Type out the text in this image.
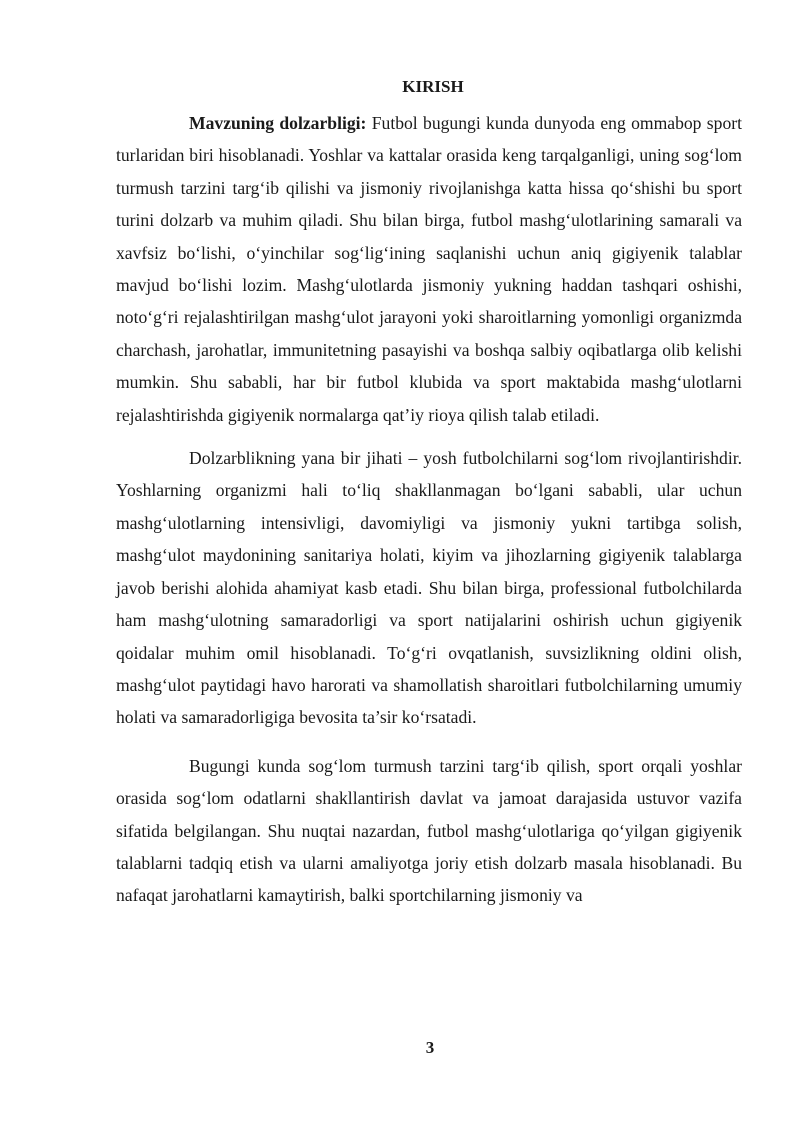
KIRISH

Mavzuning dolzarbligi: Futbol bugungi kunda dunyoda eng ommabop sport turlaridan biri hisoblanadi. Yoshlar va kattalar orasida keng tarqalganligi, uning sog‘lom turmush tarzini targ‘ib qilishi va jismoniy rivojlanishga katta hissa qo‘shishi bu sport turini dolzarb va muhim qiladi. Shu bilan birga, futbol mashg‘ulotlarining samarali va xavfsiz bo‘lishi, o‘yinchilar sog‘lig‘ining saqlanishi uchun aniq gigiyenik talablar mavjud bo‘lishi lozim. Mashg‘ulotlarda jismoniy yukning haddan tashqari oshishi, noto‘g‘ri rejalashtirilgan mashg‘ulot jarayoni yoki sharoitlarning yomonligi organizmda charchash, jarohatlar, immunitetning pasayishi va boshqa salbiy oqibatlarga olib kelishi mumkin. Shu sababli, har bir futbol klubida va sport maktabida mashg‘ulotlarni rejalashtirishda gigiyenik normalarga qat’iy rioya qilish talab etiladi.

Dolzarblikning yana bir jihati – yosh futbolchilarni sog‘lom rivojlantirishdir. Yoshlarning organizmi hali to‘liq shakllanmagan bo‘lgani sababli, ular uchun mashg‘ulotlarning intensivligi, davomiyligi va jismoniy yukni tartibga solish, mashg‘ulot maydonining sanitariya holati, kiyim va jihozlarning gigiyenik talablarga javob berishi alohida ahamiyat kasb etadi. Shu bilan birga, professional futbolchilarda ham mashg‘ulotning samaradorligi va sport natijalarini oshirish uchun gigiyenik qoidalar muhim omil hisoblanadi. To‘g‘ri ovqatlanish, suvsizlikning oldini olish, mashg‘ulot paytidagi havo harorati va shamollatish sharoitlari futbolchilarning umumiy holati va samaradorligiga bevosita ta’sir ko‘rsatadi.

Bugungi kunda sog‘lom turmush tarzini targ‘ib qilish, sport orqali yoshlar orasida sog‘lom odatlarni shakllantirish davlat va jamoat darajasida ustuvor vazifa sifatida belgilangan. Shu nuqtai nazardan, futbol mashg‘ulotlariga qo‘yilgan gigiyenik talablarni tadqiq etish va ularni amaliyotga joriy etish dolzarb masala hisoblanadi. Bu nafaqat jarohatlarni kamaytirish, balki sportchilarning jismoniy va

3
